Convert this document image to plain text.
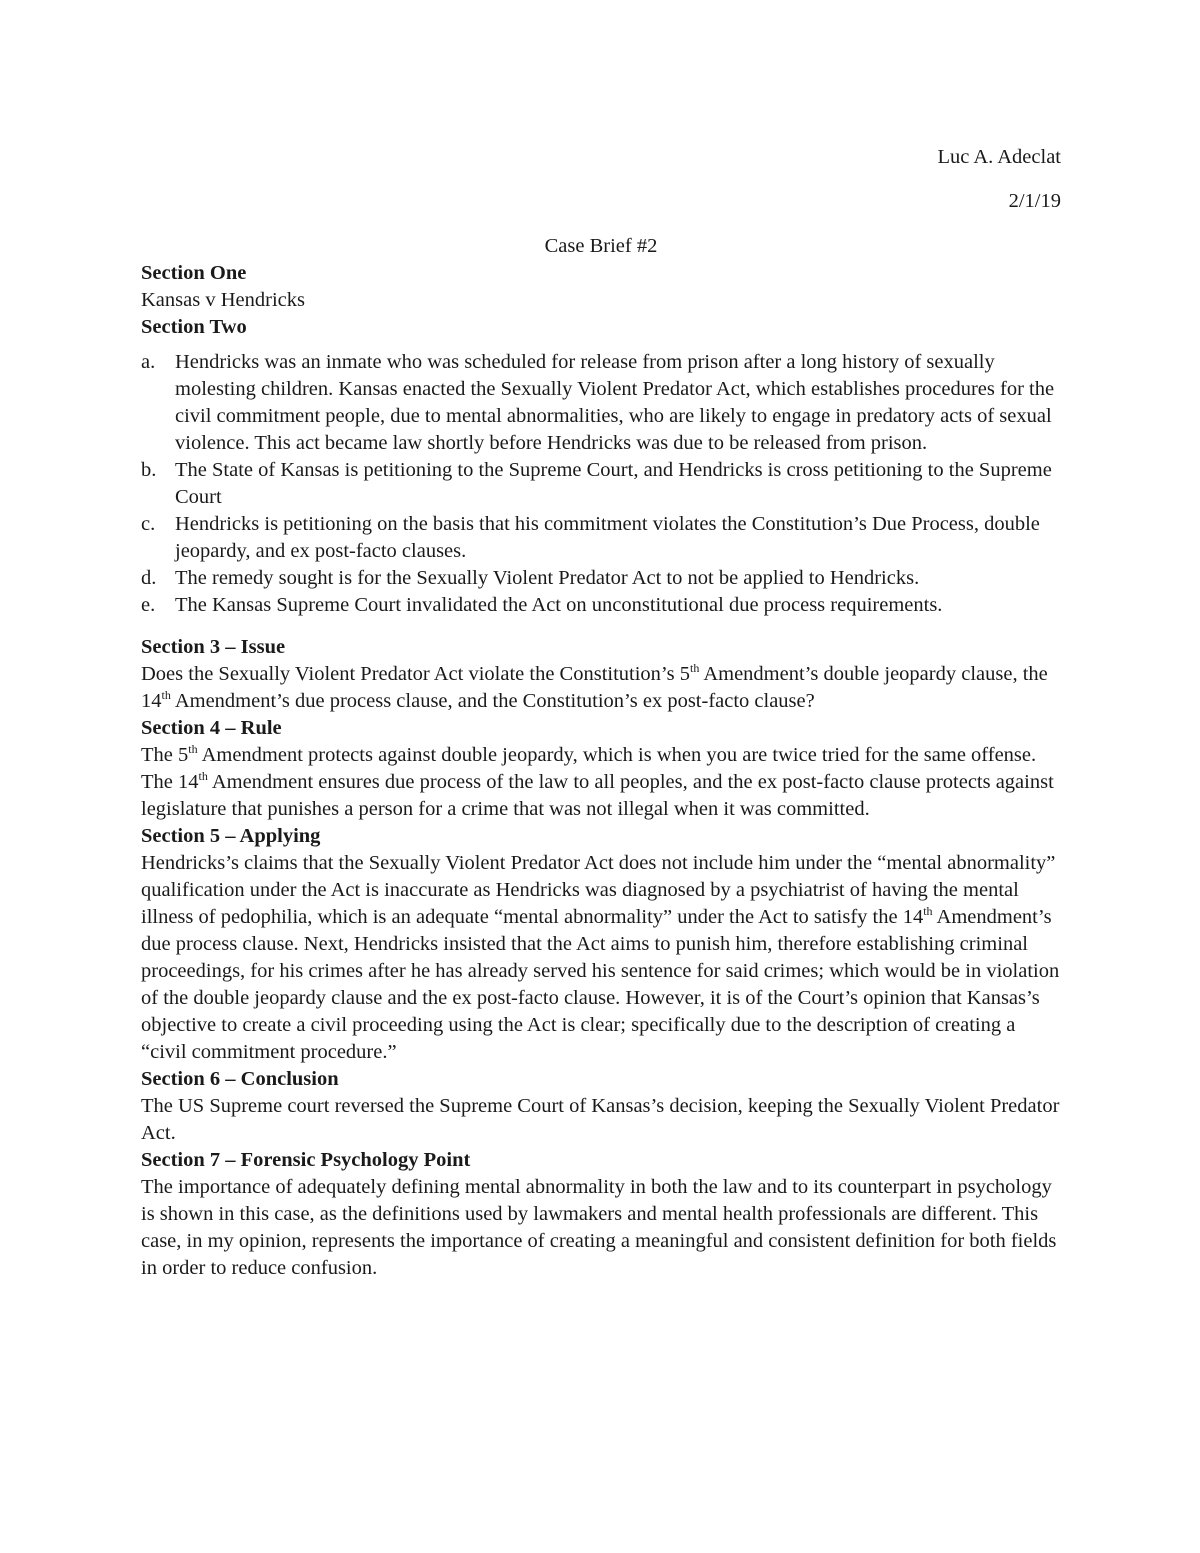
Luc A. Adeclat
2/1/19
Case Brief #2
Section One

Kansas v Hendricks

Section Two
a. Hendricks was an inmate who was scheduled for release from prison after a long history of sexually molesting children. Kansas enacted the Sexually Violent Predator Act, which establishes procedures for the civil commitment people, due to mental abnormalities, who are likely to engage in predatory acts of sexual violence. This act became law shortly before Hendricks was due to be released from prison.
b. The State of Kansas is petitioning to the Supreme Court, and Hendricks is cross petitioning to the Supreme Court
c. Hendricks is petitioning on the basis that his commitment violates the Constitution’s Due Process, double jeopardy, and ex post-facto clauses.
d. The remedy sought is for the Sexually Violent Predator Act to not be applied to Hendricks.
e. The Kansas Supreme Court invalidated the Act on unconstitutional due process requirements.
Section 3 – Issue

Does the Sexually Violent Predator Act violate the Constitution’s 5th Amendment’s double jeopardy clause, the 14th Amendment’s due process clause, and the Constitution’s ex post-facto clause?

Section 4 – Rule

The 5th Amendment protects against double jeopardy, which is when you are twice tried for the same offense. The 14th Amendment ensures due process of the law to all peoples, and the ex post-facto clause protects against legislature that punishes a person for a crime that was not illegal when it was committed.

Section 5 – Applying

Hendricks’s claims that the Sexually Violent Predator Act does not include him under the “mental abnormality” qualification under the Act is inaccurate as Hendricks was diagnosed by a psychiatrist of having the mental illness of pedophilia, which is an adequate “mental abnormality” under the Act to satisfy the 14th Amendment’s due process clause. Next, Hendricks insisted that the Act aims to punish him, therefore establishing criminal proceedings, for his crimes after he has already served his sentence for said crimes; which would be in violation of the double jeopardy clause and the ex post-facto clause. However, it is of the Court’s opinion that Kansas’s objective to create a civil proceeding using the Act is clear; specifically due to the description of creating a “civil commitment procedure.”

Section 6 – Conclusion

The US Supreme court reversed the Supreme Court of Kansas’s decision, keeping the Sexually Violent Predator Act.

Section 7 – Forensic Psychology Point

The importance of adequately defining mental abnormality in both the law and to its counterpart in psychology is shown in this case, as the definitions used by lawmakers and mental health professionals are different. This case, in my opinion, represents the importance of creating a meaningful and consistent definition for both fields in order to reduce confusion.
